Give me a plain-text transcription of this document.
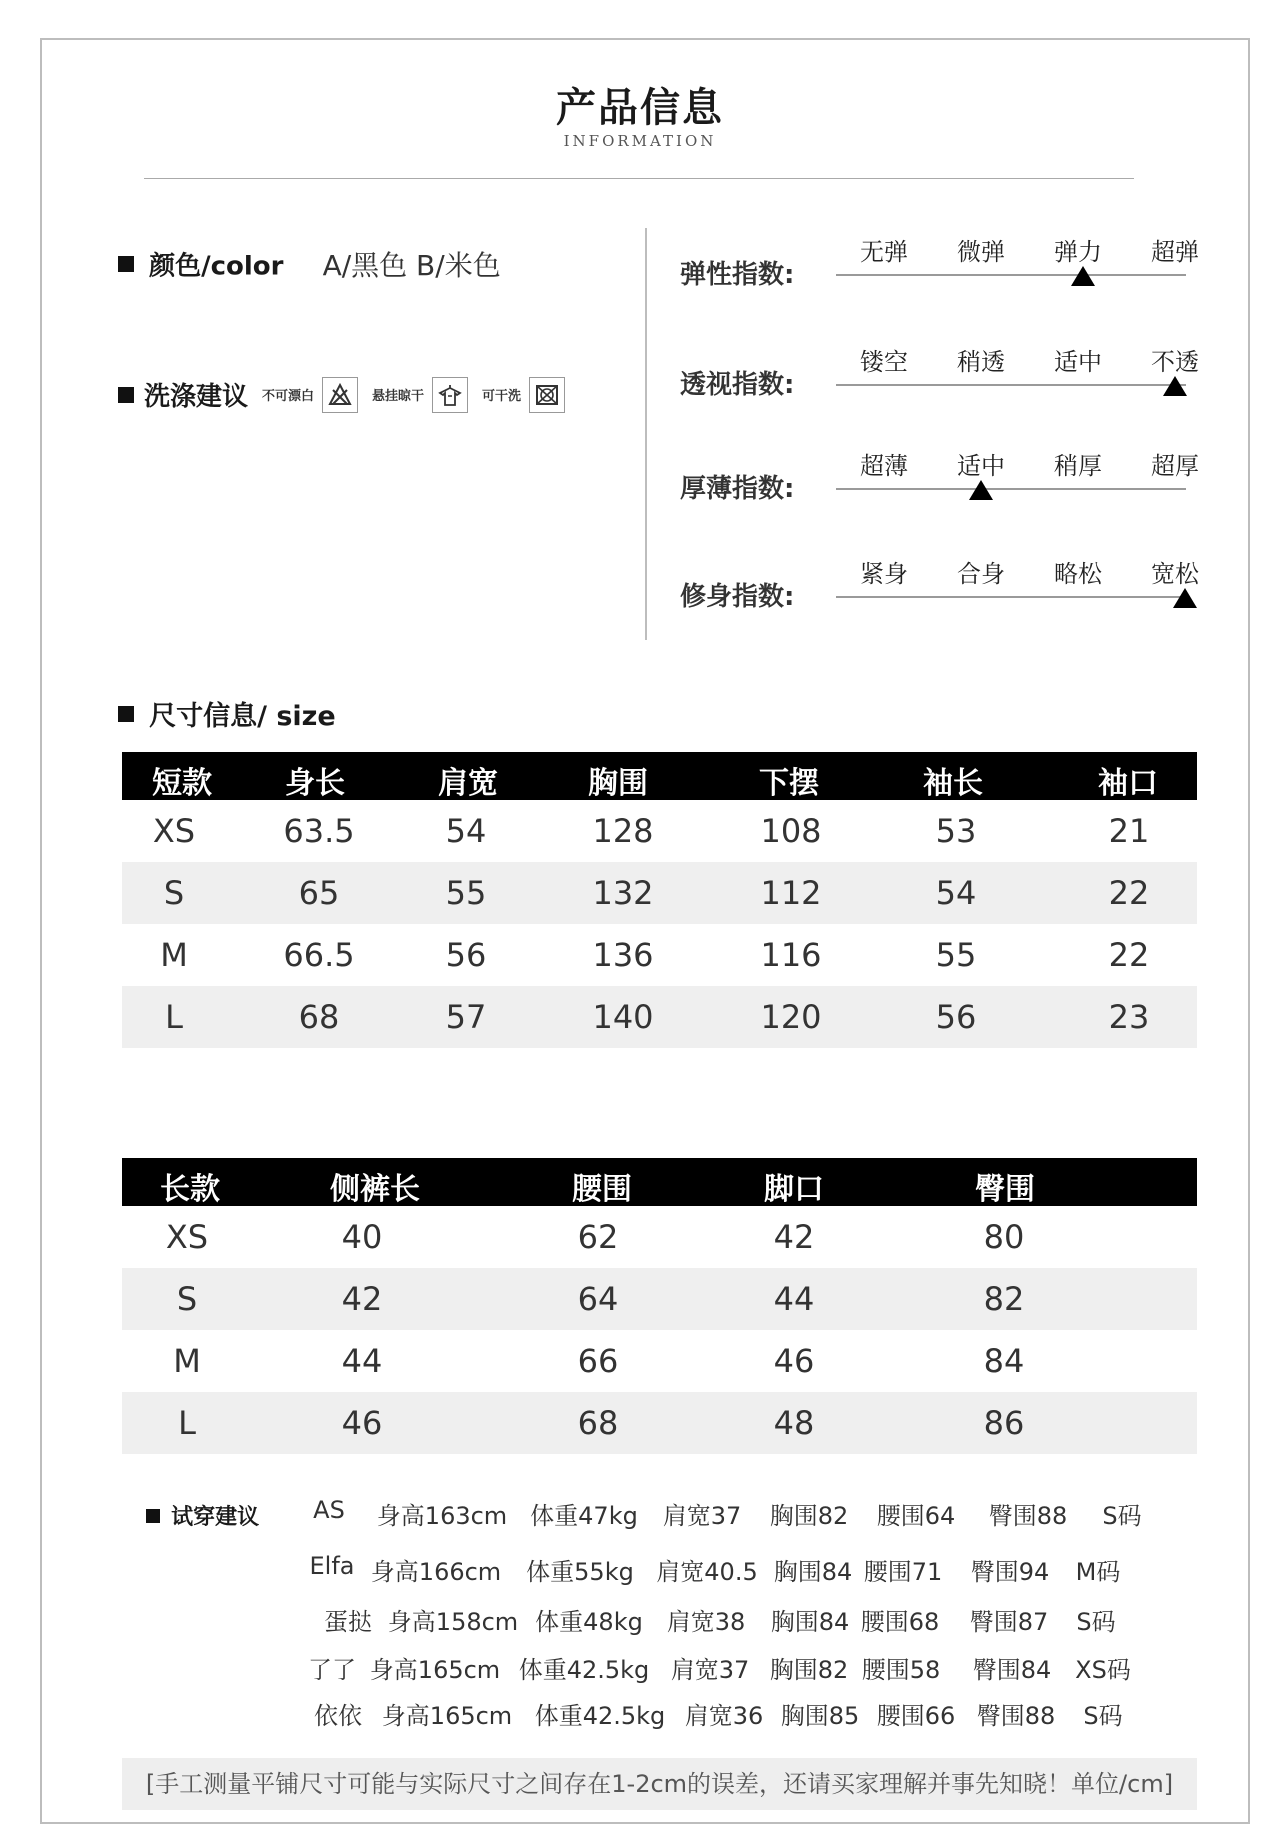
产品信息
INFORMATION
颜色/color A/黑色 B/米色
洗涤建议 不可漂白	悬挂晾干	可干洗
弹性指数:
无弹 微弹 弹力 超弹
透视指数:
镂空 稍透 适中 不透
厚薄指数:
超薄 适中 稍厚 超厚
修身指数:
紧身 合身 略松 宽松
尺寸信息/ size
短款 身长	肩宽	胸围	下摆	袖长	袖口
XS	63.5	54	128	108	53	21
S	65	55	132	112	54	22
M	66.5	56	136	116	55	22
L	68	57	140	120	56	23
长款	侧裤长	腰围	脚口	臀围
XS	40	62	42	80
S	42	64	44	82
M	44	66	46	84
L	46	68	48	86
试穿建议 AS 身高163cm 体重47kg 肩宽37 胸围82 腰围64 臀围88 S码
Elfa 身高166cm 体重55kg 肩宽40.5 胸围84 腰围71 臀围94 M码
蛋挞 身高158cm 体重48kg 肩宽38 胸围84 腰围68 臀围87 S码
了了 身高165cm 体重42.5kg 肩宽37 胸围82 腰围58 臀围84 XS码
依依 身高165cm 体重42.5kg 肩宽36 胸围85 腰围66 臀围88 S码
[手工测量平铺尺寸可能与实际尺寸之间存在1-2cm的误差，还请买家理解并事先知晓！单位/cm]
